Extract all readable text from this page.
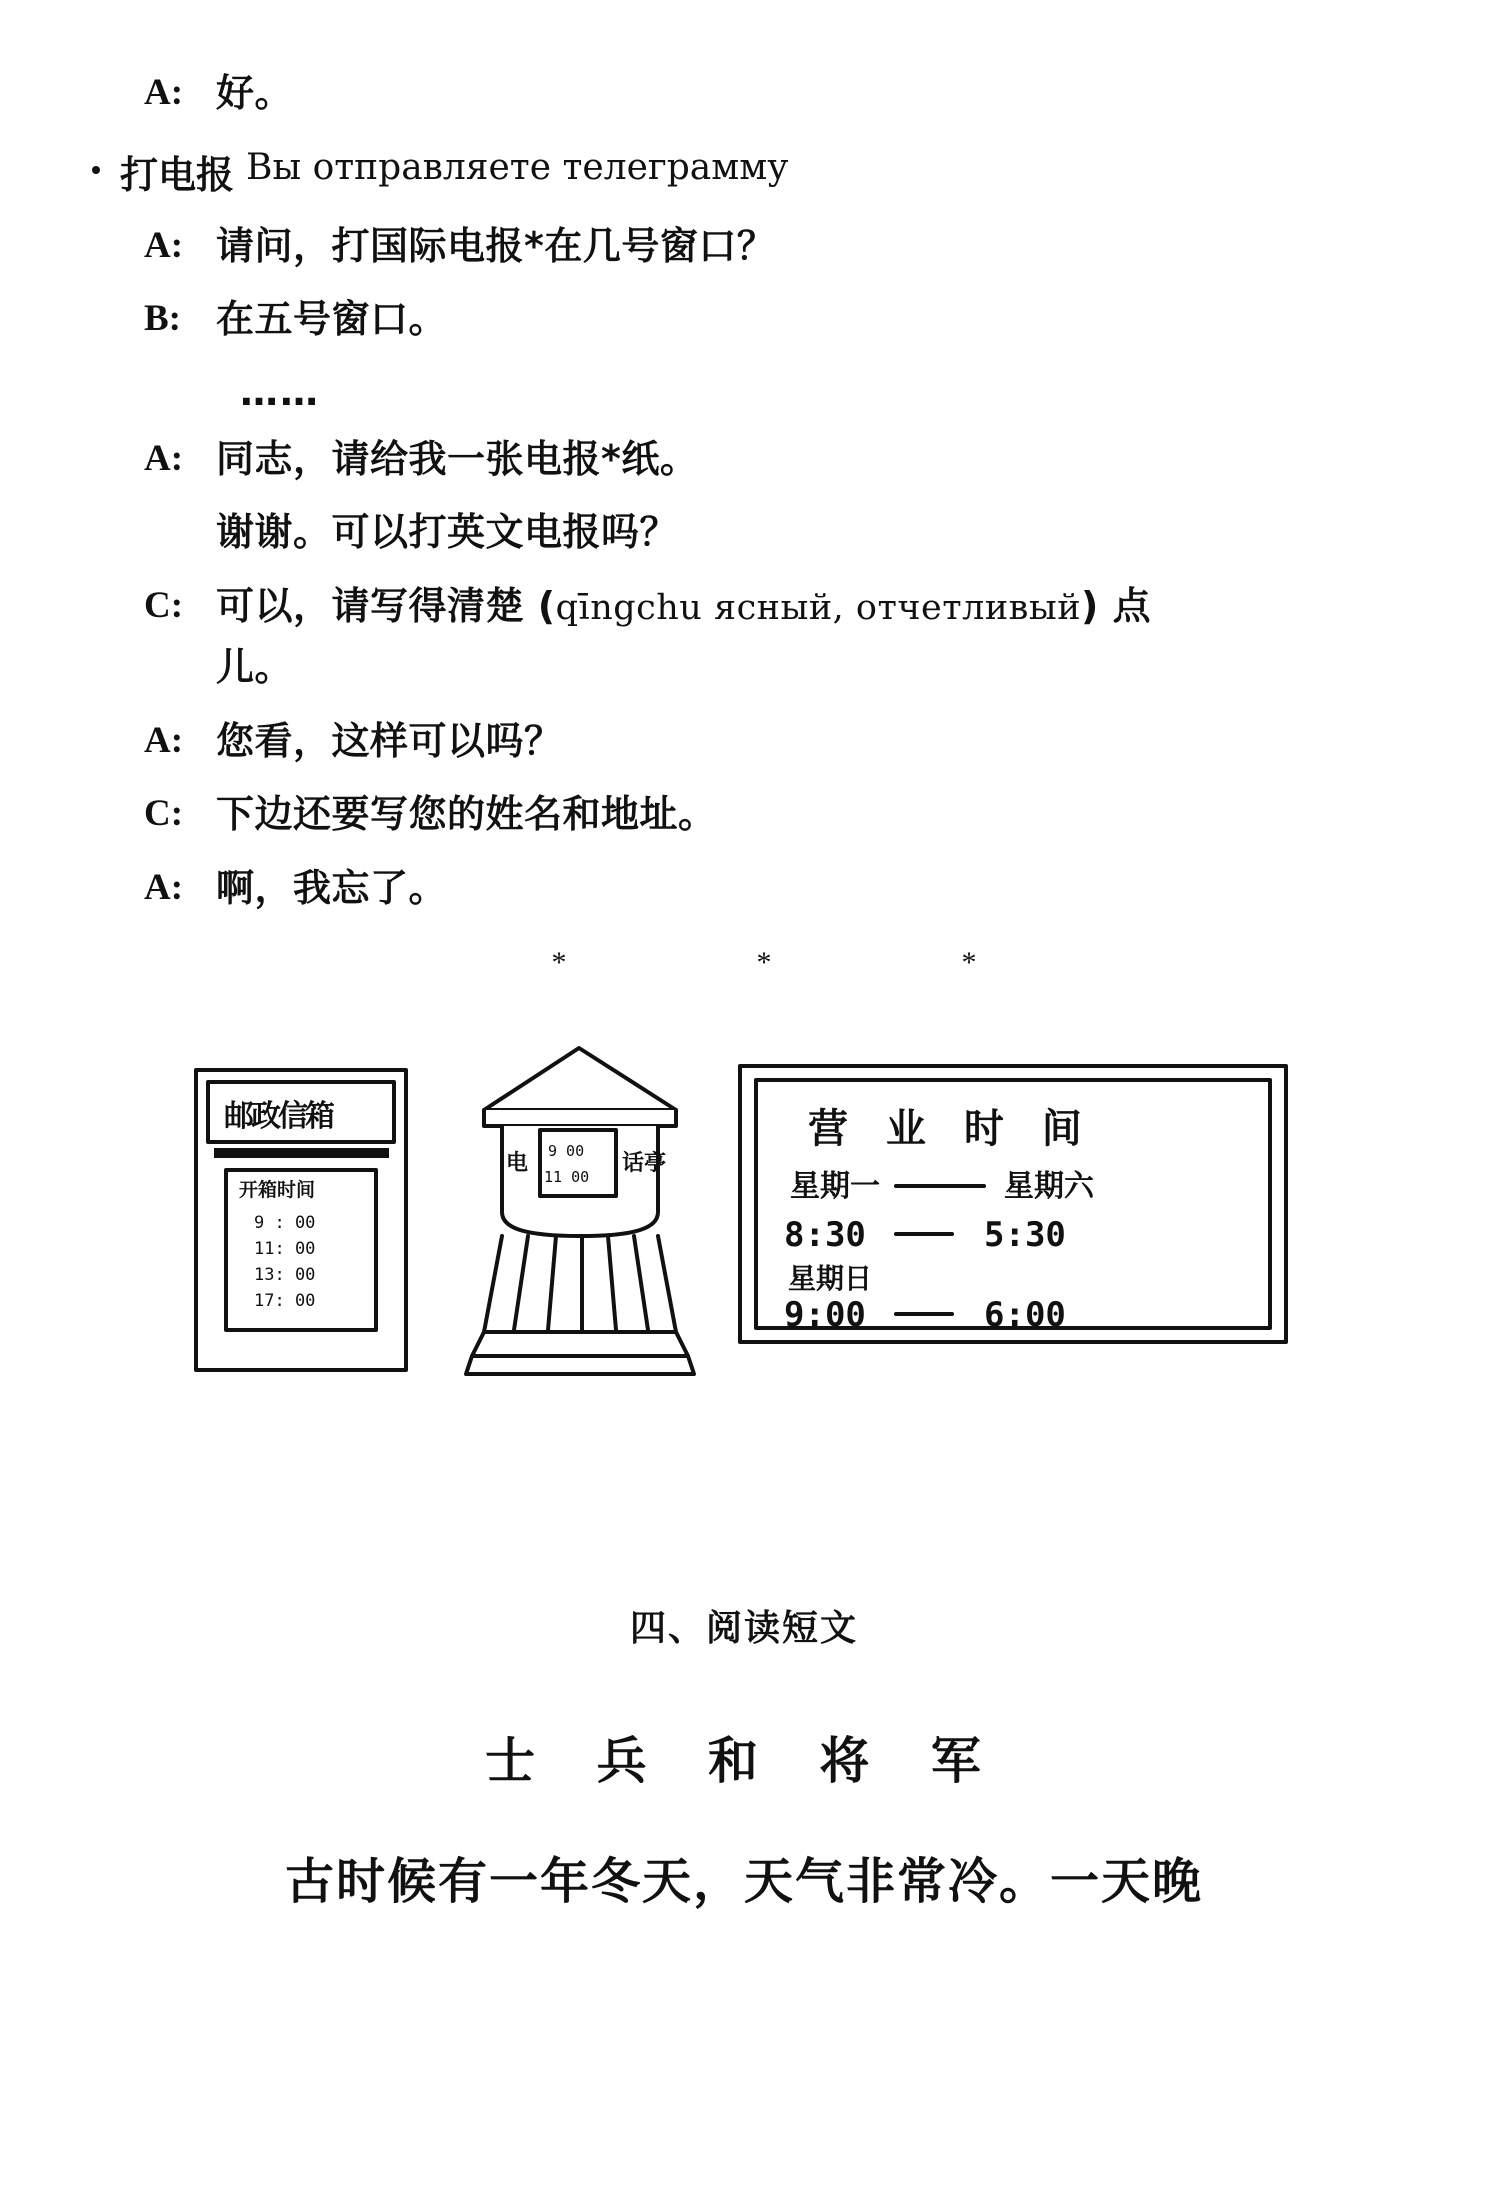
A: 好。
打电报 Вы отправляете телеграмму
A: 请问，打国际电报*在几号窗口？
B: 在五号窗口。
……
A: 同志，请给我一张电报*纸。
谢谢。可以打英文电报吗？
C: 可以，请写得清楚 (qīngchu ясный, отчетливый) 点
儿。
A: 您看，这样可以吗？
C: 下边还要写您的姓名和地址。
A: 啊，我忘了。
*	*	*
邮政信箱
开箱时间
9 : 00
11: 00
13: 00
17: 00
9 00
11 00
电	话亭
营 业 时 间
星期一	星期六
8:30	5:30
星期日
9:00	6:00
四、阅读短文
士 兵 和 将 军
古时候有一年冬天，天气非常冷。一天晚
